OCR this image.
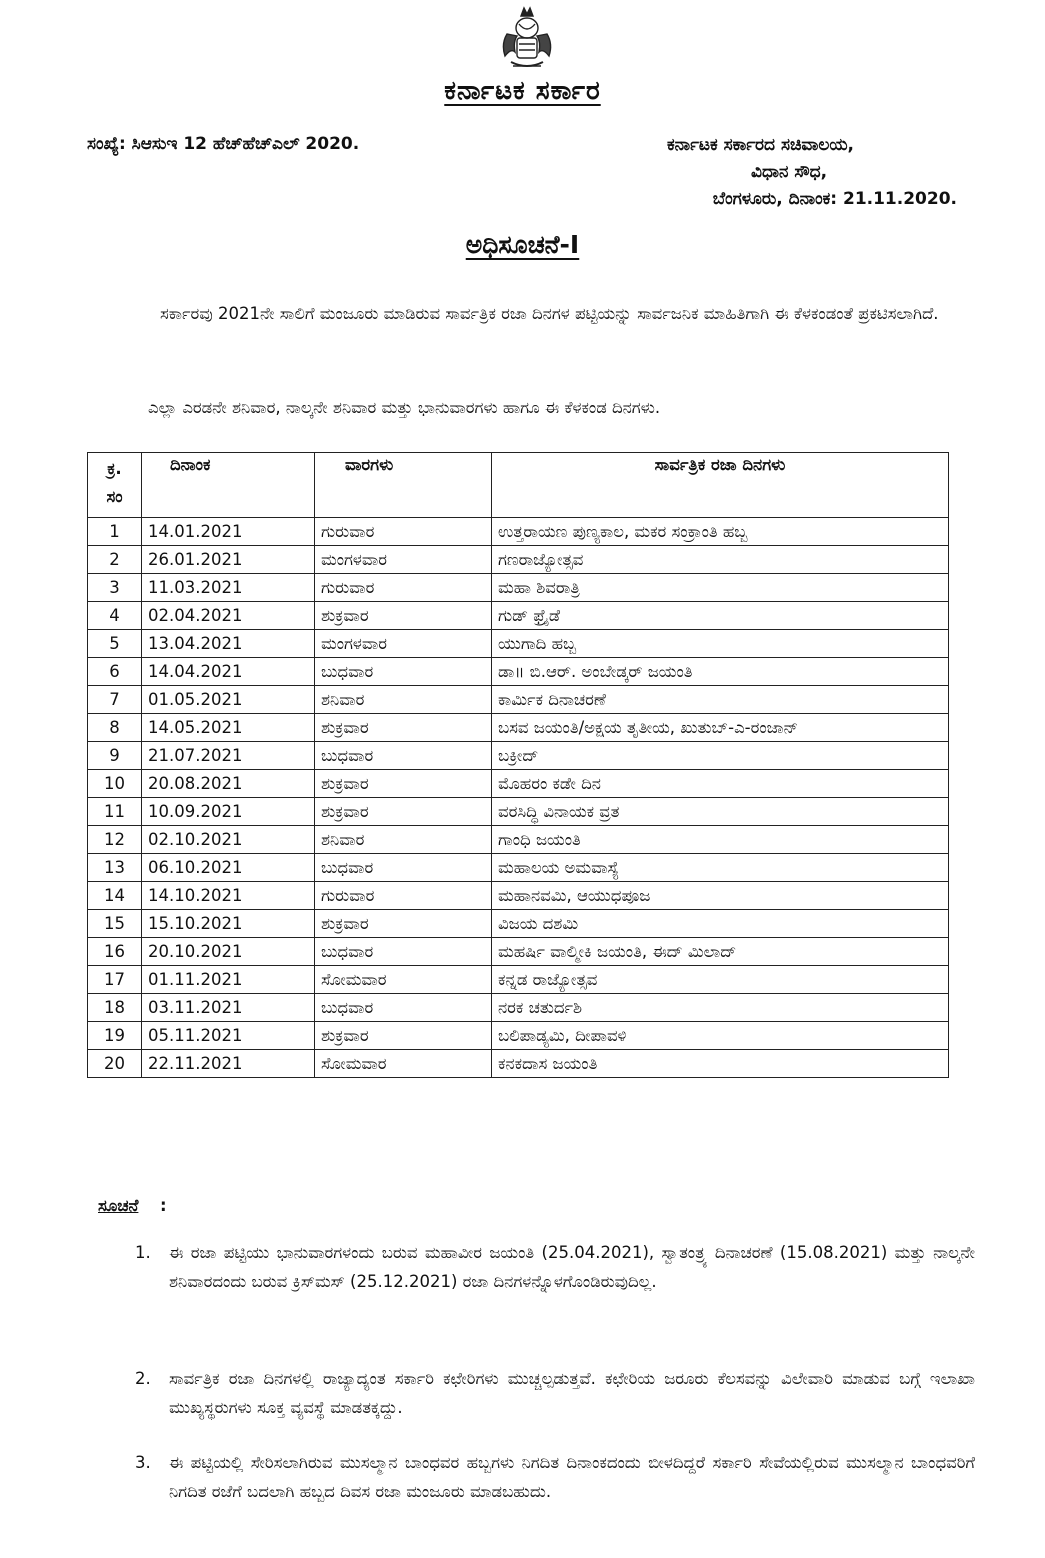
ಕರ್ನಾಟಕ ಸರ್ಕಾರ
ಸಂಖ್ಯೆ: ಸಿಆಸುಇ 12 ಹೆಚ್‌ಹೆಚ್‌ಎಲ್ 2020.	ಕರ್ನಾಟಕ ಸರ್ಕಾರದ ಸಚಿವಾಲಯ,
ವಿಧಾನ ಸೌಧ,
ಬೆಂಗಳೂರು, ದಿನಾಂಕ: 21.11.2020.
ಅಧಿಸೂಚನೆ-I
ಸರ್ಕಾರವು 2021ನೇ ಸಾಲಿಗೆ ಮಂಜೂರು ಮಾಡಿರುವ ಸಾರ್ವತ್ರಿಕ ರಜಾ ದಿನಗಳ ಪಟ್ಟಿಯನ್ನು ಸಾರ್ವಜನಿಕ ಮಾಹಿತಿಗಾಗಿ ಈ ಕೆಳಕಂಡಂತೆ ಪ್ರಕಟಿಸಲಾಗಿದೆ.
ಎಲ್ಲಾ ಎರಡನೇ ಶನಿವಾರ, ನಾಲ್ಕನೇ ಶನಿವಾರ ಮತ್ತು ಭಾನುವಾರಗಳು ಹಾಗೂ ಈ ಕೆಳಕಂಡ ದಿನಗಳು.
ಕ್ರ.
ಸಂ	ದಿನಾಂಕ	ವಾರಗಳು	ಸಾರ್ವತ್ರಿಕ ರಜಾ ದಿನಗಳು
1	14.01.2021	ಗುರುವಾರ	ಉತ್ತರಾಯಣ ಪುಣ್ಯಕಾಲ, ಮಕರ ಸಂಕ್ರಾಂತಿ ಹಬ್ಬ
2	26.01.2021	ಮಂಗಳವಾರ	ಗಣರಾಜ್ಯೋತ್ಸವ
3	11.03.2021	ಗುರುವಾರ	ಮಹಾ ಶಿವರಾತ್ರಿ
4	02.04.2021	ಶುಕ್ರವಾರ	ಗುಡ್ ಫ್ರೈಡೆ
5	13.04.2021	ಮಂಗಳವಾರ	ಯುಗಾದಿ ಹಬ್ಬ
6	14.04.2021	ಬುಧವಾರ	ಡಾ॥ ಬಿ.ಆರ್. ಅಂಬೇಡ್ಕರ್ ಜಯಂತಿ
7	01.05.2021	ಶನಿವಾರ	ಕಾರ್ಮಿಕ ದಿನಾಚರಣೆ
8	14.05.2021	ಶುಕ್ರವಾರ	ಬಸವ ಜಯಂತಿ/ಅಕ್ಷಯ ತೃತೀಯ, ಖುತುಬ್-ಎ-ರಂಜಾನ್
9	21.07.2021	ಬುಧವಾರ	ಬಕ್ರೀದ್
10	20.08.2021	ಶುಕ್ರವಾರ	ಮೊಹರಂ ಕಡೇ ದಿನ
11	10.09.2021	ಶುಕ್ರವಾರ	ವರಸಿದ್ಧಿ ವಿನಾಯಕ ವ್ರತ
12	02.10.2021	ಶನಿವಾರ	ಗಾಂಧಿ ಜಯಂತಿ
13	06.10.2021	ಬುಧವಾರ	ಮಹಾಲಯ ಅಮವಾಸ್ಯೆ
14	14.10.2021	ಗುರುವಾರ	ಮಹಾನವಮಿ, ಆಯುಧಪೂಜ
15	15.10.2021	ಶುಕ್ರವಾರ	ವಿಜಯ ದಶಮಿ
16	20.10.2021	ಬುಧವಾರ	ಮಹರ್ಷಿ ವಾಲ್ಮೀಕಿ ಜಯಂತಿ, ಈದ್ ಮಿಲಾದ್
17	01.11.2021	ಸೋಮವಾರ	ಕನ್ನಡ ರಾಜ್ಯೋತ್ಸವ
18	03.11.2021	ಬುಧವಾರ	ನರಕ ಚತುರ್ದಶಿ
19	05.11.2021	ಶುಕ್ರವಾರ	ಬಲಿಪಾಡ್ಯಮಿ, ದೀಪಾವಳಿ
20	22.11.2021	ಸೋಮವಾರ	ಕನಕದಾಸ ಜಯಂತಿ
ಸೂಚನೆ :
1.	ಈ ರಜಾ ಪಟ್ಟಿಯು ಭಾನುವಾರಗಳಂದು ಬರುವ ಮಹಾವೀರ ಜಯಂತಿ (25.04.2021), ಸ್ವಾತಂತ್ರ್ಯ ದಿನಾಚರಣೆ (15.08.2021) ಮತ್ತು ನಾಲ್ಕನೇ ಶನಿವಾರದಂದು ಬರುವ ಕ್ರಿಸ್‌ಮಸ್ (25.12.2021) ರಜಾ ದಿನಗಳನ್ನೊಳಗೊಂಡಿರುವುದಿಲ್ಲ.
2.	ಸಾರ್ವತ್ರಿಕ ರಜಾ ದಿನಗಳಲ್ಲಿ ರಾಜ್ಯಾದ್ಯಂತ ಸರ್ಕಾರಿ ಕಛೇರಿಗಳು ಮುಚ್ಚಲ್ಪಡುತ್ತವೆ. ಕಛೇರಿಯ ಜರೂರು ಕೆಲಸವನ್ನು ವಿಲೇವಾರಿ ಮಾಡುವ ಬಗ್ಗೆ ಇಲಾಖಾ ಮುಖ್ಯಸ್ಥರುಗಳು ಸೂಕ್ತ ವ್ಯವಸ್ಥೆ ಮಾಡತಕ್ಕದ್ದು.
3.	ಈ ಪಟ್ಟಿಯಲ್ಲಿ ಸೇರಿಸಲಾಗಿರುವ ಮುಸಲ್ಮಾನ ಬಾಂಧವರ ಹಬ್ಬಗಳು ನಿಗದಿತ ದಿನಾಂಕದಂದು ಬೀಳದಿದ್ದರೆ ಸರ್ಕಾರಿ ಸೇವೆಯಲ್ಲಿರುವ ಮುಸಲ್ಮಾನ ಬಾಂಧವರಿಗೆ ನಿಗದಿತ ರಜೆಗೆ ಬದಲಾಗಿ ಹಬ್ಬದ ದಿವಸ ರಜಾ ಮಂಜೂರು ಮಾಡಬಹುದು.
